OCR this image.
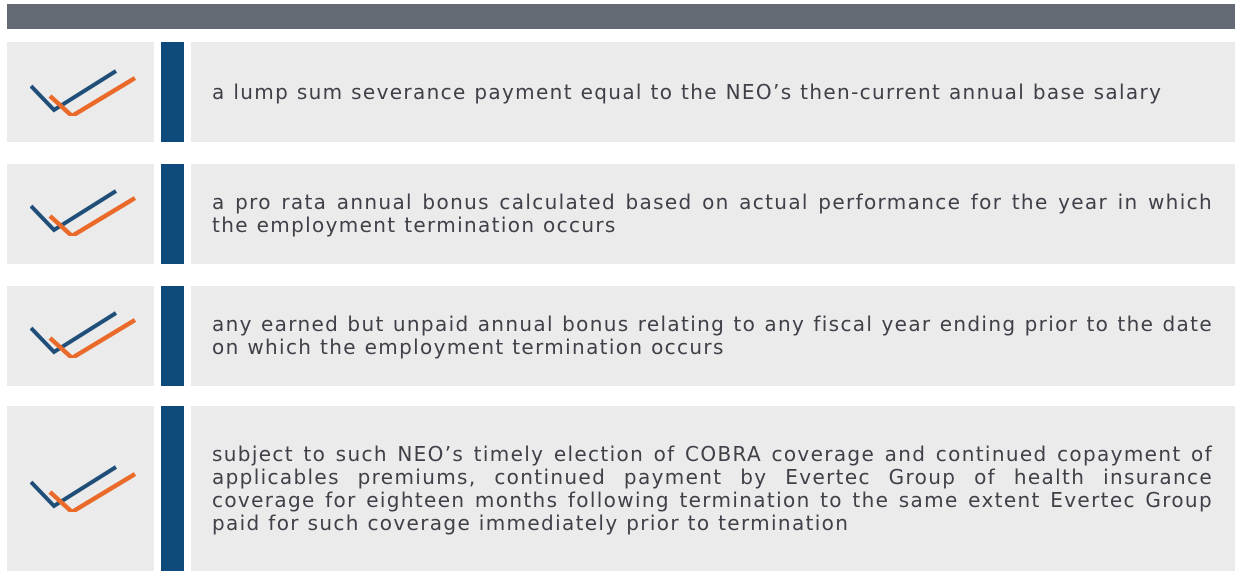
a lump sum severance payment equal to the NEO’s then-current annual base salary
a pro rata annual bonus calculated based on actual performance for the year in which the employment termination occurs
any earned but unpaid annual bonus relating to any fiscal year ending prior to the date on which the employment termination occurs
subject to such NEO’s timely election of COBRA coverage and continued copayment of applicables premiums, continued payment by Evertec Group of health insurance coverage for eighteen months following termination to the same extent Evertec Group paid for such coverage immediately prior to termination
